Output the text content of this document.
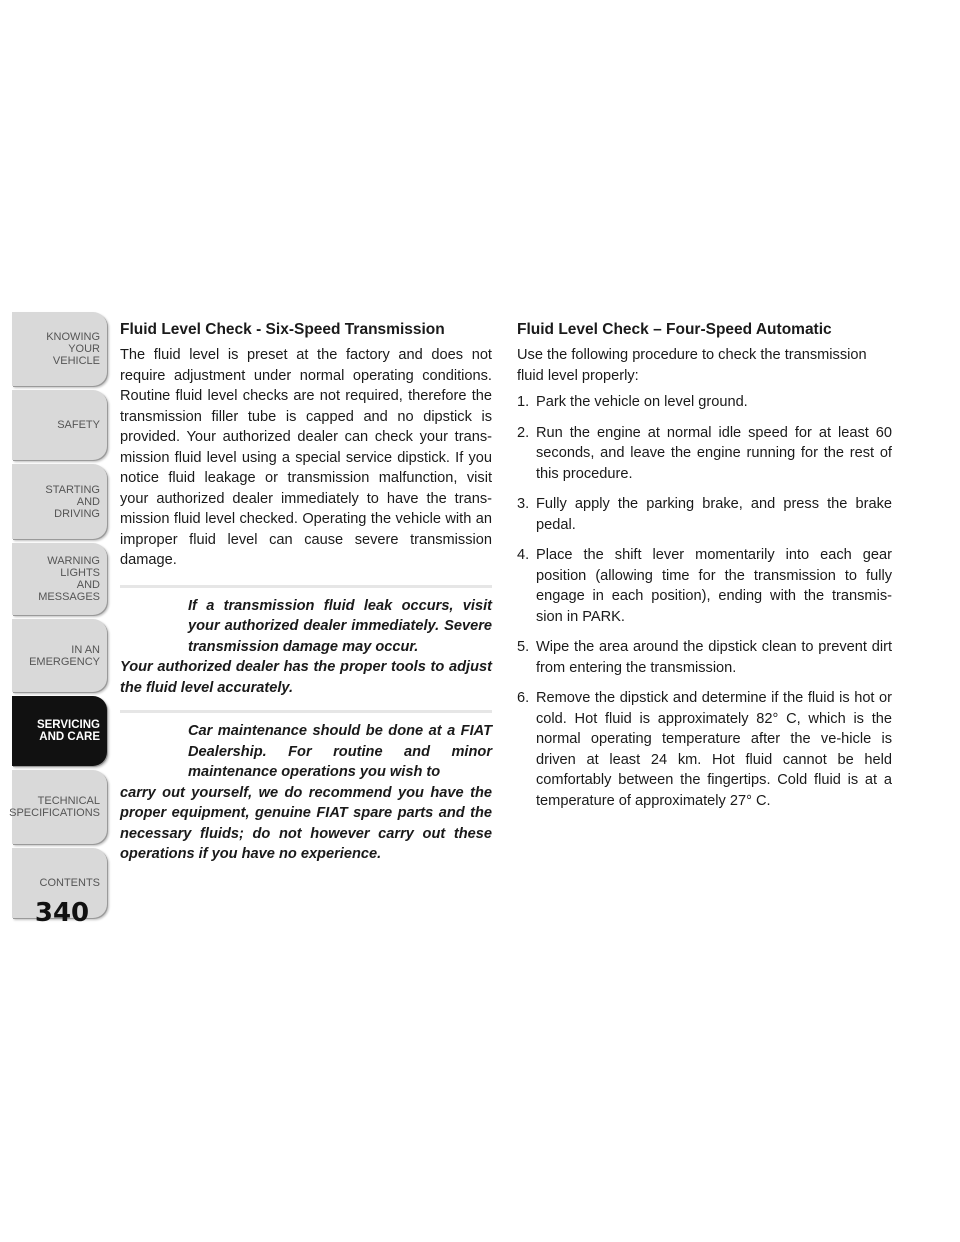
KNOWING
YOUR
VEHICLE
SAFETY
STARTING
AND
DRIVING
WARNING
LIGHTS
AND
MESSAGES
IN AN
EMERGENCY
SERVICING
AND CARE
TECHNICAL
SPECIFICATIONS
CONTENTS
340
Fluid Level Check - Six-Speed Transmission

The fluid level is preset at the factory and does not require adjustment under normal operating conditions. Routine fluid level checks are not required, therefore the transmission filler tube is capped and no dipstick is provided. Your authorized dealer can check your trans-mission fluid level using a special service dipstick. If you notice fluid leakage or transmission malfunction, visit your authorized dealer immediately to have the trans-mission fluid level checked. Operating the vehicle with an improper fluid level can cause severe transmission damage.

If a transmission fluid leak occurs, visit your authorized dealer immediately. Severe transmission damage may occur.
Your authorized dealer has the proper tools to adjust the fluid level accurately.
Car maintenance should be done at a FIAT Dealership. For routine and minor maintenance operations you wish to
carry out yourself, we do recommend you have the proper equipment, genuine FIAT spare parts and the necessary fluids; do not however carry out these operations if you have no experience.
Fluid Level Check – Four-Speed Automatic

Use the following procedure to check the transmission fluid level properly:

1. Park the vehicle on level ground.
2. Run the engine at normal idle speed for at least 60 seconds, and leave the engine running for the rest of this procedure.
3. Fully apply the parking brake, and press the brake pedal.
4. Place the shift lever momentarily into each gear position (allowing time for the transmission to fully engage in each position), ending with the transmis-sion in PARK.
5. Wipe the area around the dipstick clean to prevent dirt from entering the transmission.
6. Remove the dipstick and determine if the fluid is hot or cold. Hot fluid is approximately 82° C, which is the normal operating temperature after the ve-hicle is driven at least 24 km. Hot fluid cannot be held comfortably between the fingertips. Cold fluid is at a temperature of approximately 27° C.
